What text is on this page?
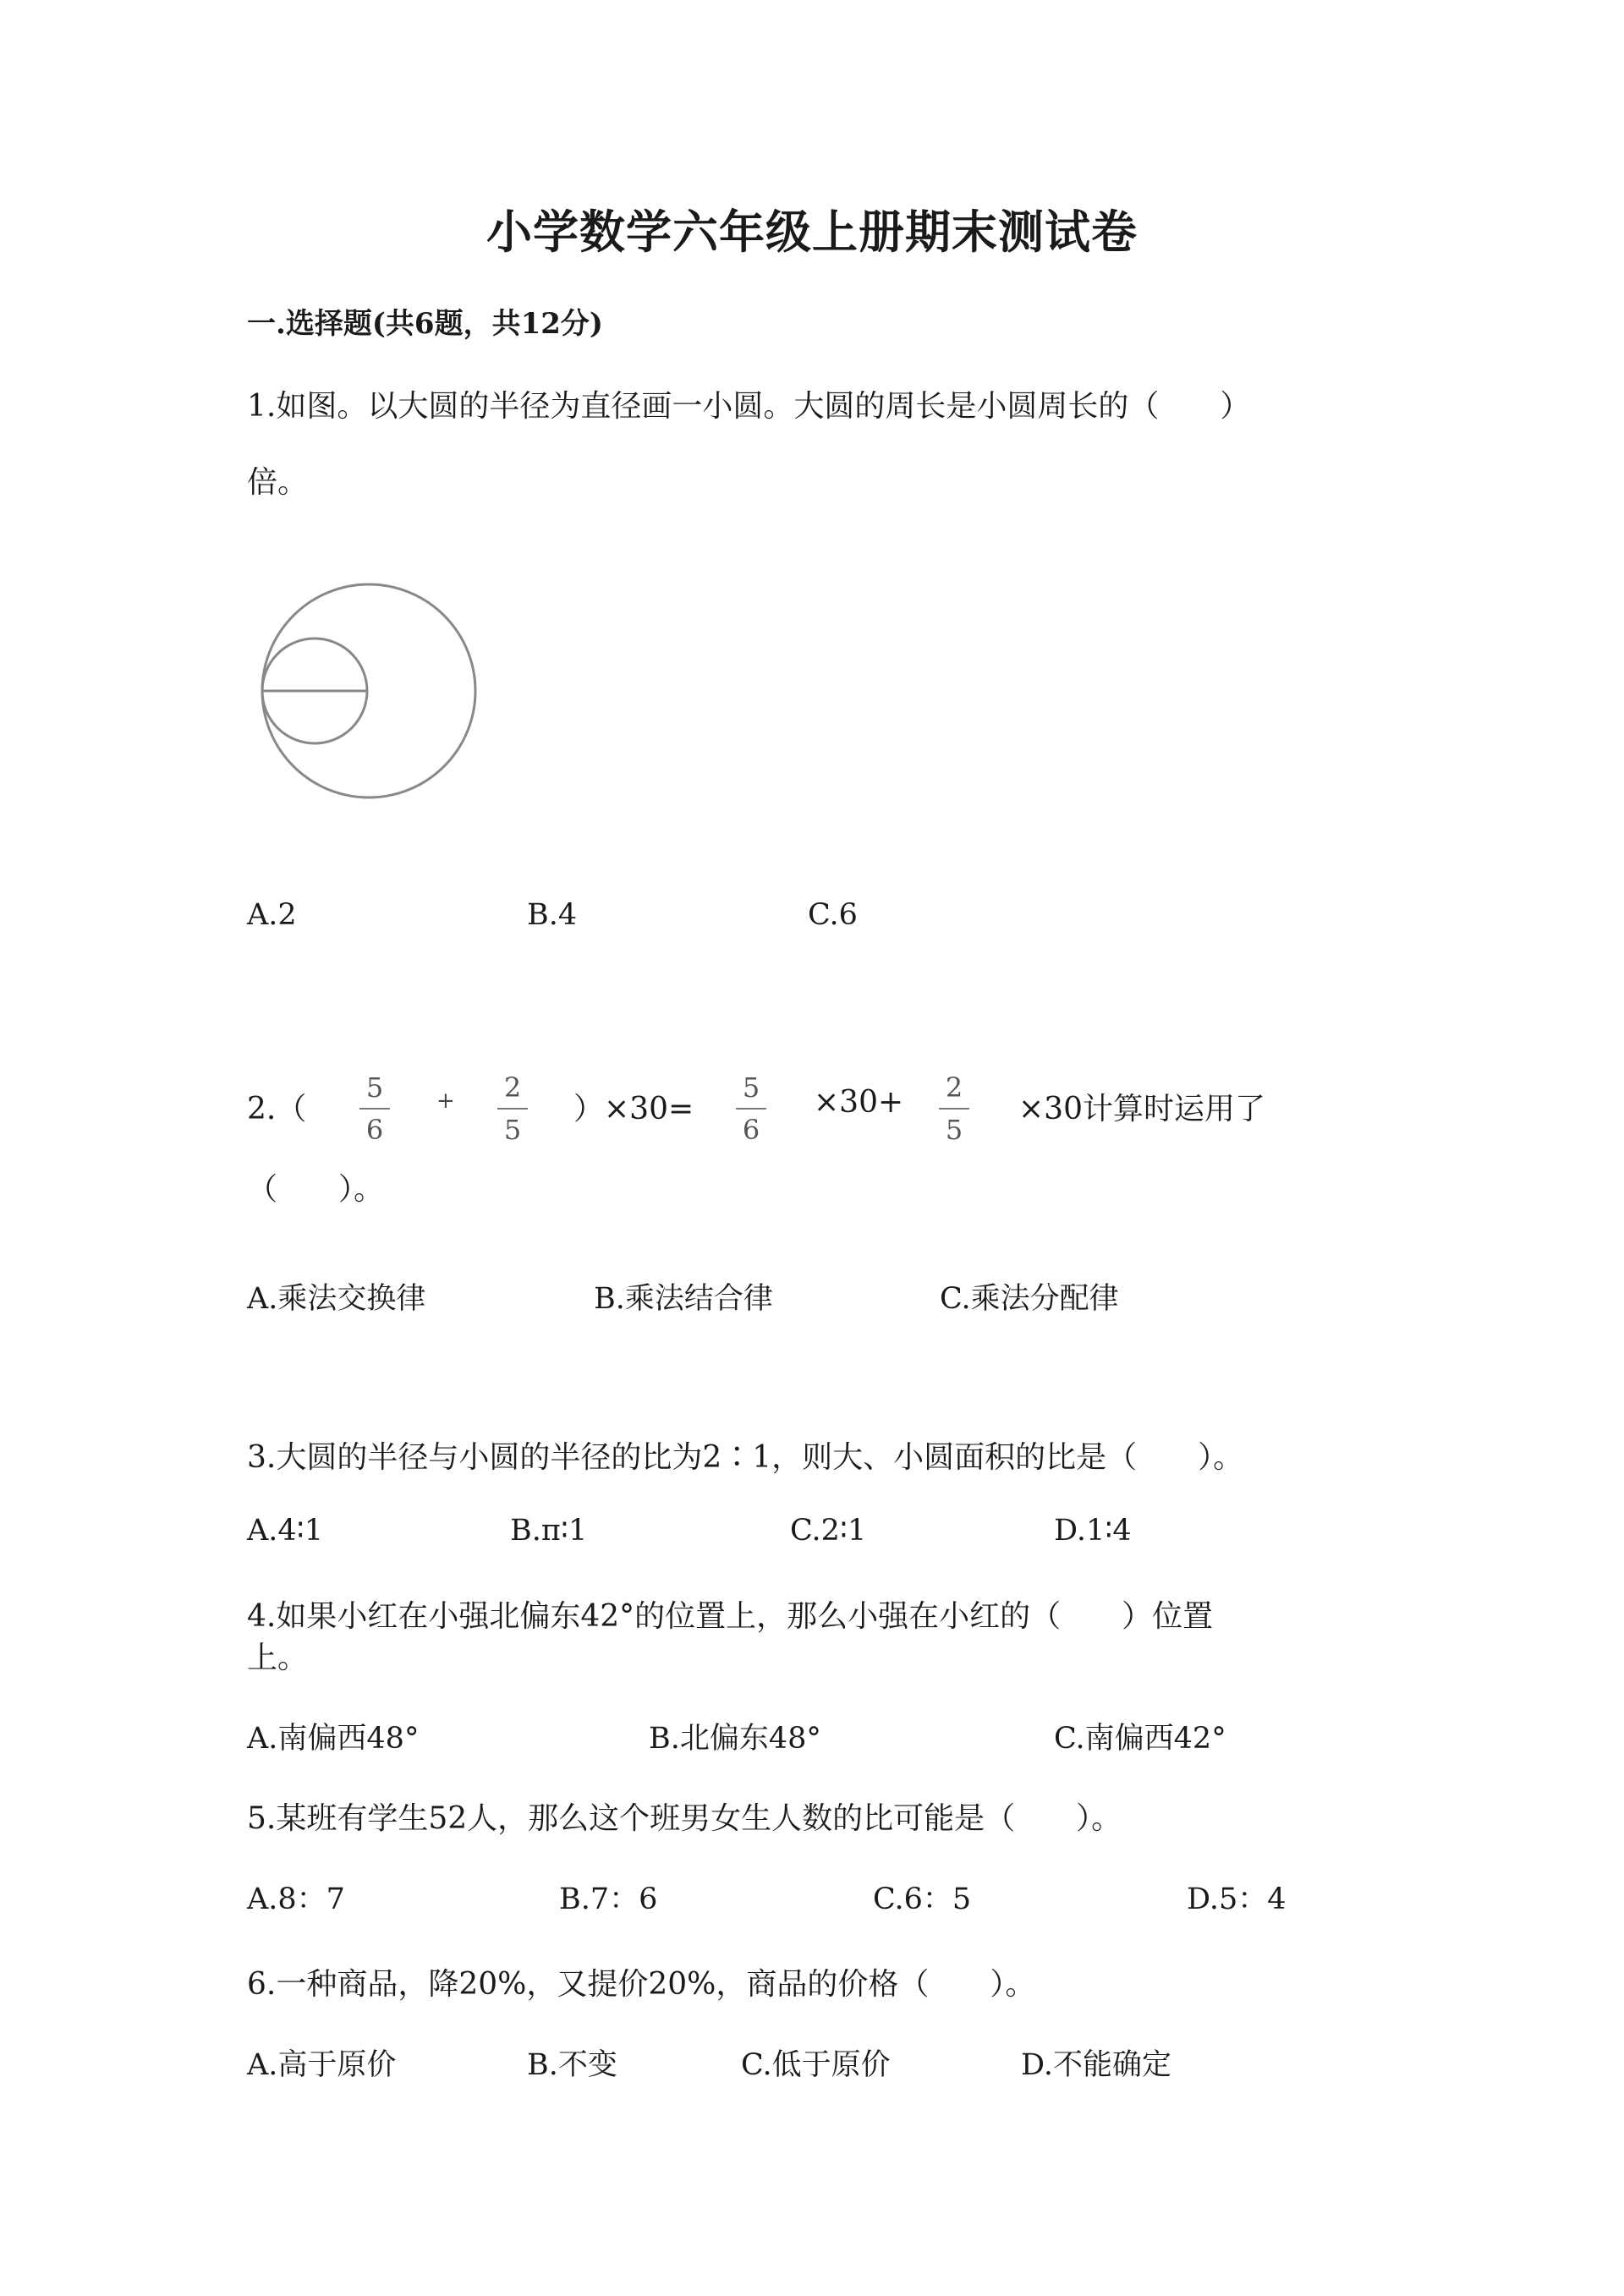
小学数学六年级上册期末测试卷
一.选择题(共6题，共12分)
1.如图。以大圆的半径为直径画一小圆。大圆的周长是小圆周长的（　　）
倍。
A.2	B.4	C.6
2.（
5
6
+	2
5
）×30=
5
6
×30+	2
5
×30计算时运用了
（　　）。
A.乘法交换律	B.乘法结合律	C.乘法分配律
3.大圆的半径与小圆的半径的比为2∶1，则大、小圆面积的比是（　　）。
A.4∶1	B.π∶1	C.2∶1	D.1∶4
4.如果小红在小强北偏东42°的位置上，那么小强在小红的（　　）位置
上。
A.南偏西48°	B.北偏东48°	C.南偏西42°
5.某班有学生52人，那么这个班男女生人数的比可能是（　　）。
A.8：7	B.7：6	C.6：5	D.5：4
6.一种商品，降20%，又提价20%，商品的价格（　　）。
A.高于原价	B.不变	C.低于原价	D.不能确定
